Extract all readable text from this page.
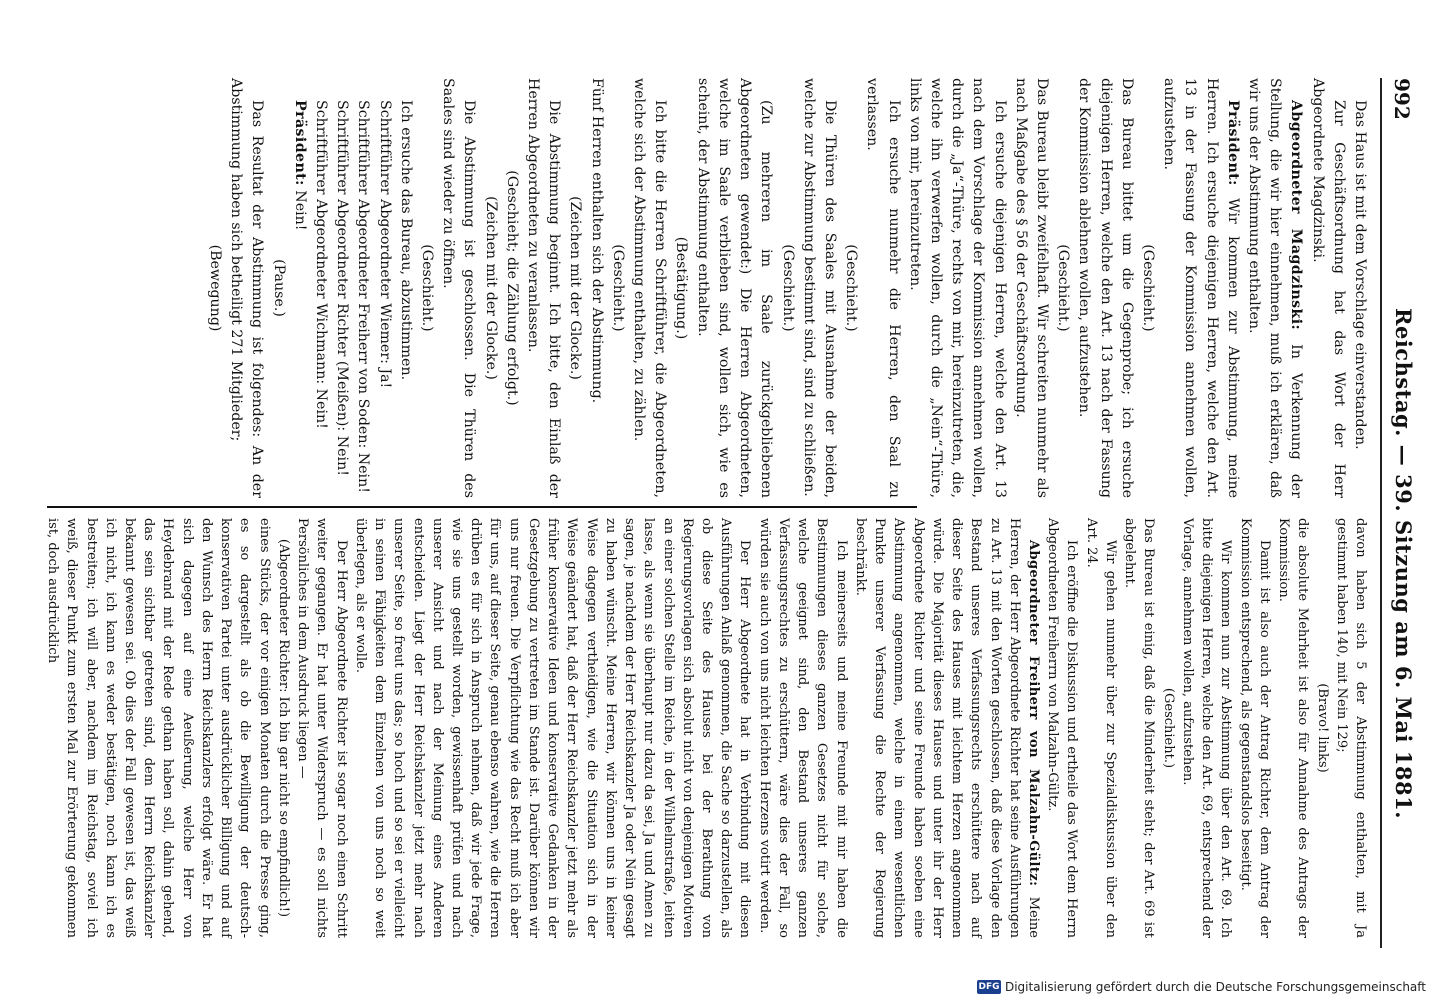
992
Reichstag. — 39. Sitzung am 6. Mai 1881.

Das Haus ist mit dem Vorschlage einverstanden.

Zur Geschäftsordnung hat das Wort der Herr Abgeordnete Magdzinski.

Abgeordneter Magdzinski: In Verkennung der Stellung, die wir hier einnehmen, muß ich erklären, daß wir uns der Abstimmung enthalten.

Präsident: Wir kommen zur Abstimmung, meine Herren. Ich ersuche diejenigen Herren, welche den Art. 13 in der Fassung der Kommission annehmen wollen, aufzustehen.

(Geschieht.)

Das Bureau bittet um die Gegenprobe; ich ersuche diejenigen Herren, welche den Art. 13 nach der Fassung der Kommission ablehnen wollen, aufzustehen.

(Geschieht.)

Das Bureau bleibt zweifelhaft. Wir schreiten nunmehr als nach Maßgabe des § 56 der Geschäftsordnung.

Ich ersuche diejenigen Herren, welche den Art. 13 nach dem Vorschlage der Kommission annehmen wollen, durch die „Ja“-Thüre, rechts von mir, hereinzutreten, die, welche ihn verwerfen wollen, durch die „Nein“-Thüre, links von mir, hereinzutreten.

Ich ersuche nunmehr die Herren, den Saal zu verlassen.

(Geschieht.)

Die Thüren des Saales mit Ausnahme der beiden, welche zur Abstimmung bestimmt sind, sind zu schließen.

(Geschieht.)

(Zu mehreren im Saale zurückgebliebenen Abgeordneten gewendet:) Die Herren Abgeordneten, welche im Saale verblieben sind, wollen sich, wie es scheint, der Abstimmung enthalten.

(Bestätigung.)

Ich bitte die Herren Schriftführer, die Abgeordneten, welche sich der Abstimmung enthalten, zu zählen.

(Geschieht.)

Fünf Herren enthalten sich der Abstimmung.

(Zeichen mit der Glocke.)

Die Abstimmung beginnt. Ich bitte, den Einlaß der Herren Abgeordneten zu veranlassen.

(Geschieht; die Zählung erfolgt.)

(Zeichen mit der Glocke.)

Die Abstimmung ist geschlossen. Die Thüren des Saales sind wieder zu öffnen.

(Geschieht.)

Ich ersuche das Bureau, abzustimmen.

Schriftführer Abgeordneter Wiemer: Ja!

Schriftführer Abgeordneter Freiherr von Soden: Nein!

Schriftführer Abgeordneter Richter (Meißen): Nein!

Schriftführer Abgeordneter Wichmann: Nein!

Präsident: Nein!

(Pause.)

Das Resultat der Abstimmung ist folgendes: An der Abstimmung haben sich betheiligt 271 Mitglieder;

(Bewegung)

davon haben sich 5 der Abstimmung enthalten, mit Ja gestimmt haben 140, mit Nein 129;

(Bravo! links)

die absolute Mehrheit ist also für Annahme des Antrags der Kommission.

Damit ist also auch der Antrag Richter, dem Antrag der Kommission entsprechend, als gegenstandslos beseitigt.

Wir kommen nun zur Abstimmung über den Art. 69. Ich bitte diejenigen Herren, welche den Art. 69, entsprechend der Vorlage, annehmen wollen, aufzustehen.

(Geschieht.)

Das Bureau ist einig, daß die Minderheit steht; der Art. 69 ist abgelehnt.

Wir gehen nunmehr über zur Spezialdiskussion über den Art. 24.

Ich eröffne die Diskussion und ertheile das Wort dem Herrn Abgeordneten Freiherrn von Malzahn-Gültz.

Abgeordneter Freiherr von Malzahn-Gültz: Meine Herren, der Herr Abgeordnete Richter hat seine Ausführungen zu Art. 13 mit den Worten geschlossen, daß diese Vorlage den Bestand unseres Verfassungsrechts erschüttere nach auf dieser Seite des Hauses mit leichtem Herzen angenommen würde. Die Majorität dieses Hauses und unter ihr der Herr Abgeordnete Richter und seine Freunde haben soeben eine Abstimmung angenommen, welche in einem wesentlichen Punkte unserer Verfassung die Rechte der Regierung beschränkt.

Ich meinerseits und meine Freunde mit mir haben die Bestimmungen dieses ganzen Gesetzes nicht für solche, welche geeignet sind, den Bestand unseres ganzen Verfassungsrechtes zu erschüttern, wäre dies der Fall, so würden sie auch von uns nicht leichten Herzens votirt werden.

Der Herr Abgeordnete hat in Verbindung mit diesen Ausführungen Anlaß genommen, die Sache so darzustellen, als ob diese Seite des Hauses bei der Berathung von Regierungsvorlagen sich absolut nicht von denjenigen Motiven an einer solchen Stelle im Reiche, in der Wilhelmstraße, leiten lasse, als wenn sie überhaupt nur dazu da sei, Ja und Amen zu sagen, je nachdem der Herr Reichskanzler Ja oder Nein gesagt zu haben wünscht. Meine Herren, wir können uns in keiner Weise dagegen vertheidigen, wie die Situation sich in der Weise geändert hat, daß der Herr Reichskanzler jetzt mehr als früher konservative Ideen und konservative Gedanken in der Gesetzgebung zu vertreten im Stande ist. Darüber können wir uns nur freuen. Die Verpflichtung wie das Recht muß ich aber für uns, auf dieser Seite, genau ebenso wahren, wie die Herren drüben es für sich in Anspruch nehmen, daß wir jede Frage, wie sie uns gestellt worden, gewissenhaft prüfen und nach unserer Ansicht und nach der Meinung eines Anderen entscheiden. Liegt der Herr Reichskanzler jetzt mehr nach unserer Seite, so freut uns das; so hoch und so sei er vielleicht in seinen Fähigkeiten dem Einzelnen von uns noch so weit überlegen, als er wolle.

Der Herr Abgeordnete Richter ist sogar noch einen Schritt weiter gegangen. Er hat unter Widerspruch — es soll nichts Persönliches in dem Ausdruck liegen —

(Abgeordneter Richter: Ich bin gar nicht so empfindlich!)

eines Stücks, der vor einigen Monaten durch die Presse ging, es so dargestellt als ob die Bewilligung der deutsch-konservativen Partei unter ausdrücklicher Billigung und auf den Wunsch des Herrn Reichskanzlers erfolgt wäre. Er hat sich dagegen auf eine Aeußerung, welche Herr von Heydebrand mit der Rede gethan haben soll, dahin gehend, das sein sichtbar getreten sind, dem Herrn Reichskanzler bekannt gewesen sei. Ob dies der Fall gewesen ist, das weiß ich nicht, ich kann es weder bestätigen, noch kann ich es bestreiten; ich will aber, nachdem im Reichstag, soviel ich weiß, dieser Punkt zum ersten Mal zur Erörterung gekommen ist, doch ausdrücklich

DFG Digitalisierung gefördert durch die Deutsche Forschungsgemeinschaft
